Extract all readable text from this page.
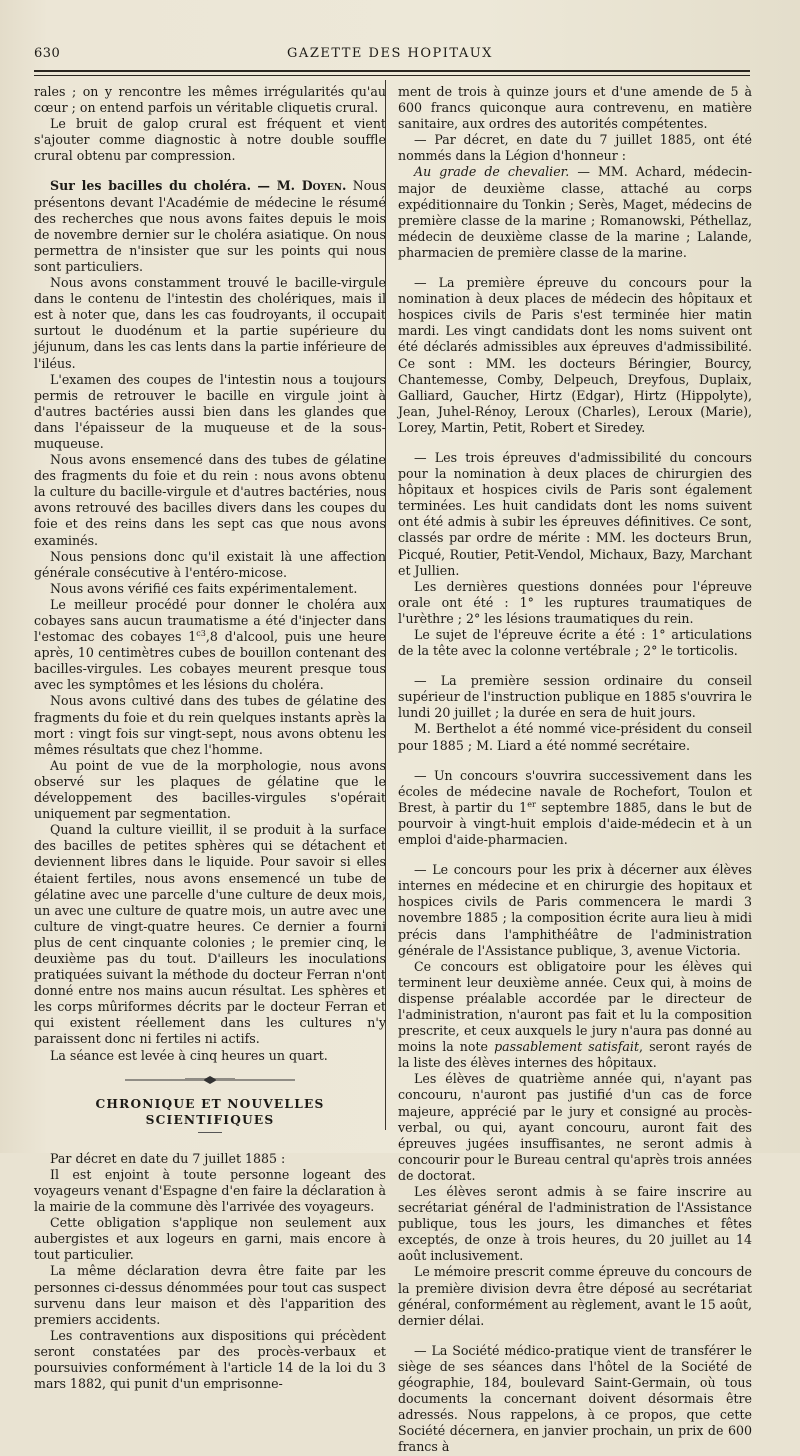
630	GAZETTE DES HOPITAUX

rales ; on y rencontre les mêmes irrégularités qu'au cœur ; on entend parfois un véritable cliquetis crural.

Le bruit de galop crural est fréquent et vient s'ajouter comme diagnostic à notre double souffle crural obtenu par compression.

Sur les bacilles du choléra. — M. Doyen. Nous présentons devant l'Académie de médecine le résumé des recherches que nous avons faites depuis le mois de novembre dernier sur le choléra asiatique. On nous permettra de n'insister que sur les points qui nous sont particuliers.

Nous avons constamment trouvé le bacille-virgule dans le contenu de l'intestin des cholériques, mais il est à noter que, dans les cas foudroyants, il occupait surtout le duodénum et la partie supérieure du jéjunum, dans les cas lents dans la partie inférieure de l'iléus.

L'examen des coupes de l'intestin nous a toujours permis de retrouver le bacille en virgule joint à d'autres bactéries aussi bien dans les glandes que dans l'épaisseur de la muqueuse et de la sous-muqueuse.

Nous avons ensemencé dans des tubes de gélatine des fragments du foie et du rein : nous avons obtenu la culture du bacille-virgule et d'autres bactéries, nous avons retrouvé des bacilles divers dans les coupes du foie et des reins dans les sept cas que nous avons examinés.

Nous pensions donc qu'il existait là une affection générale consécutive à l'entéro-micose.

Nous avons vérifié ces faits expérimentalement.

Le meilleur procédé pour donner le choléra aux cobayes sans aucun traumatisme a été d'injecter dans l'estomac des cobayes $1^{c3},8$ d'alcool, puis une heure après, 10 centimètres cubes de bouillon contenant des bacilles-virgules. Les cobayes meurent presque tous avec les symptômes et les lésions du choléra.

Nous avons cultivé dans des tubes de gélatine des fragments du foie et du rein quelques instants après la mort : vingt fois sur vingt-sept, nous avons obtenu les mêmes résultats que chez l'homme.

Au point de vue de la morphologie, nous avons observé sur les plaques de gélatine que le développement des bacilles-virgules s'opérait uniquement par segmentation.

Quand la culture vieillit, il se produit à la surface des bacilles de petites sphères qui se détachent et deviennent libres dans le liquide. Pour savoir si elles étaient fertiles, nous avons ensemencé un tube de gélatine avec une parcelle d'une culture de deux mois, un avec une culture de quatre mois, un autre avec une culture de vingt-quatre heures. Ce dernier a fourni plus de cent cinquante colonies ; le premier cinq, le deuxième pas du tout. D'ailleurs les inoculations pratiquées suivant la méthode du docteur Ferran n'ont donné entre nos mains aucun résultat. Les sphères et les corps mûriformes décrits par le docteur Ferran et qui existent réellement dans les cultures n'y paraissent donc ni fertiles ni actifs.

La séance est levée à cinq heures un quart.

CHRONIQUE ET NOUVELLES SCIENTIFIQUES

Par décret en date du 7 juillet 1885 :

Il est enjoint à toute personne logeant des voyageurs venant d'Espagne d'en faire la déclaration à la mairie de la commune dès l'arrivée des voyageurs.

Cette obligation s'applique non seulement aux aubergistes et aux logeurs en garni, mais encore à tout particulier.

La même déclaration devra être faite par les personnes ci-dessus dénommées pour tout cas suspect survenu dans leur maison et dès l'apparition des premiers accidents.

Les contraventions aux dispositions qui précèdent seront constatées par des procès-verbaux et poursuivies conformément à l'article 14 de la loi du 3 mars 1882, qui punit d'un emprisonne-

ment de trois à quinze jours et d'une amende de 5 à 600 francs quiconque aura contrevenu, en matière sanitaire, aux ordres des autorités compétentes.

— Par décret, en date du 7 juillet 1885, ont été nommés dans la Légion d'honneur :

Au grade de chevalier. — MM. Achard, médecin-major de deuxième classe, attaché au corps expéditionnaire du Tonkin ; Serès, Maget, médecins de première classe de la marine ; Romanowski, Péthellaz, médecin de deuxième classe de la marine ; Lalande, pharmacien de première classe de la marine.

— La première épreuve du concours pour la nomination à deux places de médecin des hôpitaux et hospices civils de Paris s'est terminée hier matin mardi. Les vingt candidats dont les noms suivent ont été déclarés admissibles aux épreuves d'admissibilité. Ce sont : MM. les docteurs Béringier, Bourcy, Chantemesse, Comby, Delpeuch, Dreyfous, Duplaix, Galliard, Gaucher, Hirtz (Edgar), Hirtz (Hippolyte), Jean, Juhel-Rénoy, Leroux (Charles), Leroux (Marie), Lorey, Martin, Petit, Robert et Siredey.

— Les trois épreuves d'admissibilité du concours pour la nomination à deux places de chirurgien des hôpitaux et hospices civils de Paris sont également terminées. Les huit candidats dont les noms suivent ont été admis à subir les épreuves définitives. Ce sont, classés par ordre de mérite : MM. les docteurs Brun, Picqué, Routier, Petit-Vendol, Michaux, Bazy, Marchant et Jullien.

Les dernières questions données pour l'épreuve orale ont été : 1° les ruptures traumatiques de l'urèthre ; 2° les lésions traumatiques du rein.

Le sujet de l'épreuve écrite a été : 1° articulations de la tête avec la colonne vertébrale ; 2° le torticolis.

— La première session ordinaire du conseil supérieur de l'instruction publique en 1885 s'ouvrira le lundi 20 juillet ; la durée en sera de huit jours.

M. Berthelot a été nommé vice-président du conseil pour 1885 ; M. Liard a été nommé secrétaire.

— Un concours s'ouvrira successivement dans les écoles de médecine navale de Rochefort, Toulon et Brest, à partir du 1er septembre 1885, dans le but de pourvoir à vingt-huit emplois d'aide-médecin et à un emploi d'aide-pharmacien.

— Le concours pour les prix à décerner aux élèves internes en médecine et en chirurgie des hopitaux et hospices civils de Paris commencera le mardi 3 novembre 1885 ; la composition écrite aura lieu à midi précis dans l'amphithéâtre de l'administration générale de l'Assistance publique, 3, avenue Victoria.

Ce concours est obligatoire pour les élèves qui terminent leur deuxième année. Ceux qui, à moins de dispense préalable accordée par le directeur de l'administration, n'auront pas fait et lu la composition prescrite, et ceux auxquels le jury n'aura pas donné au moins la note passablement satisfait, seront rayés de la liste des élèves internes des hôpitaux.

Les élèves de quatrième année qui, n'ayant pas concouru, n'auront pas justifié d'un cas de force majeure, apprécié par le jury et consigné au procès-verbal, ou qui, ayant concouru, auront fait des épreuves jugées insuffisantes, ne seront admis à concourir pour le Bureau central qu'après trois années de doctorat.

Les élèves seront admis à se faire inscrire au secrétariat général de l'administration de l'Assistance publique, tous les jours, les dimanches et fêtes exceptés, de onze à trois heures, du 20 juillet au 14 août inclusivement.

Le mémoire prescrit comme épreuve du concours de la première division devra être déposé au secrétariat général, conformément au règlement, avant le 15 août, dernier délai.

— La Société médico-pratique vient de transférer le siège de ses séances dans l'hôtel de la Société de géographie, 184, boulevard Saint-Germain, où tous documents la concernant doivent désormais être adressés. Nous rappelons, à ce propos, que cette Société décernera, en janvier prochain, un prix de 600 francs à
